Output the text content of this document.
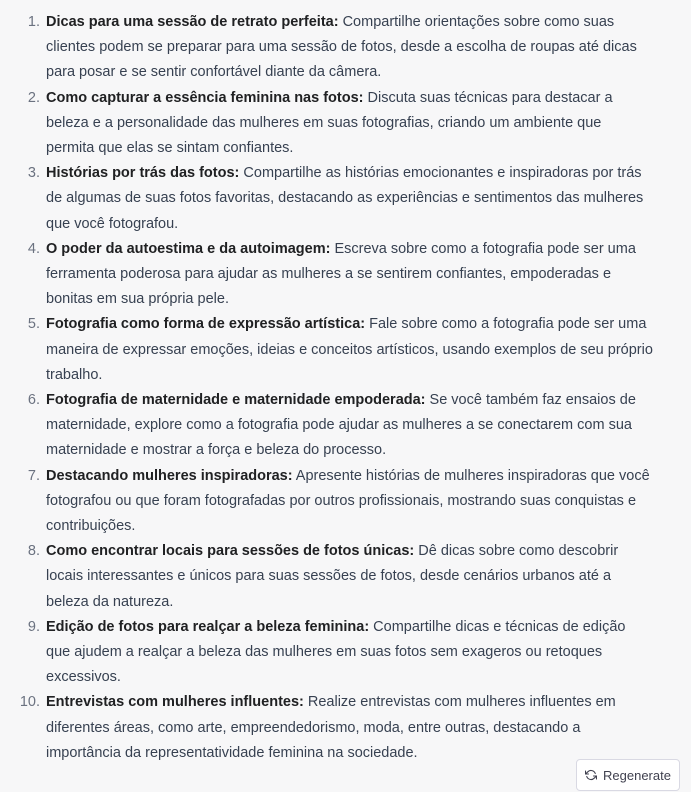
1. Dicas para uma sessão de retrato perfeita: Compartilhe orientações sobre como suas clientes podem se preparar para uma sessão de fotos, desde a escolha de roupas até dicas para posar e se sentir confortável diante da câmera.
2. Como capturar a essência feminina nas fotos: Discuta suas técnicas para destacar a beleza e a personalidade das mulheres em suas fotografias, criando um ambiente que permita que elas se sintam confiantes.
3. Histórias por trás das fotos: Compartilhe as histórias emocionantes e inspiradoras por trás de algumas de suas fotos favoritas, destacando as experiências e sentimentos das mulheres que você fotografou.
4. O poder da autoestima e da autoimagem: Escreva sobre como a fotografia pode ser uma ferramenta poderosa para ajudar as mulheres a se sentirem confiantes, empoderadas e bonitas em sua própria pele.
5. Fotografia como forma de expressão artística: Fale sobre como a fotografia pode ser uma maneira de expressar emoções, ideias e conceitos artísticos, usando exemplos de seu próprio trabalho.
6. Fotografia de maternidade e maternidade empoderada: Se você também faz ensaios de maternidade, explore como a fotografia pode ajudar as mulheres a se conectarem com sua maternidade e mostrar a força e beleza do processo.
7. Destacando mulheres inspiradoras: Apresente histórias de mulheres inspiradoras que você fotografou ou que foram fotografadas por outros profissionais, mostrando suas conquistas e contribuições.
8. Como encontrar locais para sessões de fotos únicas: Dê dicas sobre como descobrir locais interessantes e únicos para suas sessões de fotos, desde cenários urbanos até a beleza da natureza.
9. Edição de fotos para realçar a beleza feminina: Compartilhe dicas e técnicas de edição que ajudem a realçar a beleza das mulheres em suas fotos sem exageros ou retoques excessivos.
10. Entrevistas com mulheres influentes: Realize entrevistas com mulheres influentes em diferentes áreas, como arte, empreendedorismo, moda, entre outras, destacando a importância da representatividade feminina na sociedade.
Regenerate
